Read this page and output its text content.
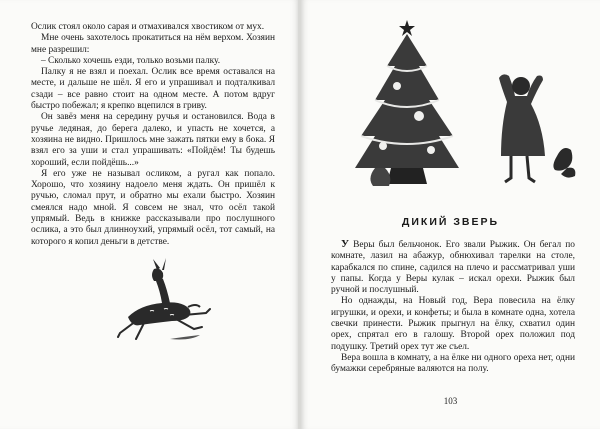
Ослик стоял около сарая и отмахивался хвостиком от мух.

Мне очень захотелось прокатиться на нём верхом. Хозяин мне разрешил:

– Сколько хочешь езди, только возьми палку.

Палку я не взял и поехал. Ослик все время оставался на месте, и дальше не шёл. Я его и упрашивал и подталкивал сзади – все равно стоит на одном месте. А потом вдруг быстро побежал; я крепко вцепился в гриву.

Он завёз меня на середину ручья и остановился. Вода в ручье ледяная, до берега далеко, и упасть не хочется, а хозяина не видно. Пришлось мне зажать пятки ему в бока. Я взял его за уши и стал упрашивать: «Пойдём! Ты будешь хороший, если пойдёшь...»

Я его уже не называл осликом, а ругал как попало. Хорошо, что хозяину надоело меня ждать. Он пришёл к ручью, сломал прут, и обратно мы ехали быстро. Хозяин смеялся надо мной. Я совсем не знал, что осёл такой упрямый. Ведь в книжке рассказывали про послушного ослика, а это был длинноухий, упрямый осёл, тот самый, на которого я копил деньги в детстве.

ДИКИЙ ЗВЕРЬ

У Веры был бельчонок. Его звали Рыжик. Он бегал по комнате, лазил на абажур, обнюхивал тарелки на столе, карабкался по спине, садился на плечо и рассматривал уши у папы. Когда у Веры кулак – искал орехи. Рыжик был ручной и послушный.

Но однажды, на Новый год, Вера повесила на ёлку игрушки, и орехи, и конфеты; и была в комнате одна, хотела свечки принести. Рыжик прыгнул на ёлку, схватил один орех, спрятал его в галошу. Второй орех положил под подушку. Третий орех тут же съел.

Вера вошла в комнату, а на ёлке ни одного ореха нет, одни бумажки серебряные валяются на полу.

103
